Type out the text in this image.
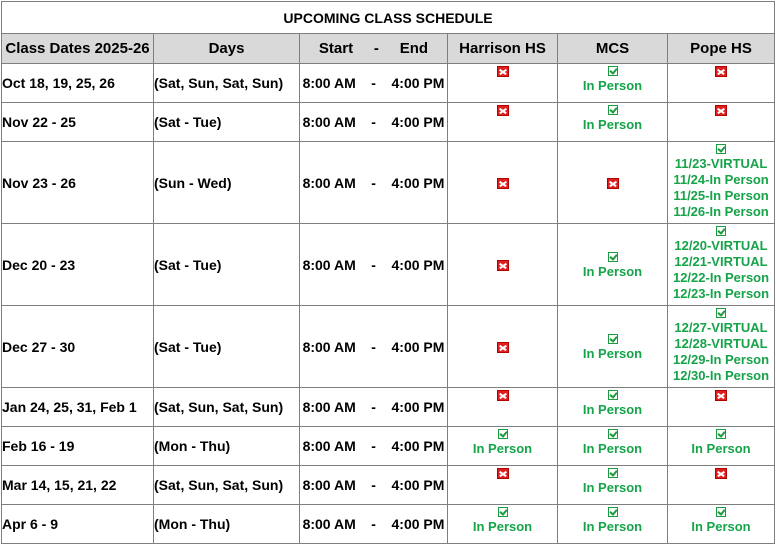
UPCOMING CLASS SCHEDULE					
Class Dates 2025-26	Days	Start     -     End	Harrison HS	MCS	Pope HS
Oct 18, 19, 25, 26	(Sat, Sun, Sat, Sun)	8:00 AM    -    4:00 PM		In Person	

Nov 22 - 25	(Sat - Tue)	8:00 AM    -    4:00 PM		In Person	

Nov 23 - 26	(Sun - Wed)	8:00 AM    -    4:00 PM			11/23-VIRTUAL
11/24-In Person
11/25-In Person
11/26-In Person

Dec 20 - 23	(Sat - Tue)	8:00 AM    -    4:00 PM		In Person	12/20-VIRTUAL
12/21-VIRTUAL
12/22-In Person
12/23-In Person

Dec 27 - 30	(Sat - Tue)	8:00 AM    -    4:00 PM		In Person	12/27-VIRTUAL
12/28-VIRTUAL
12/29-In Person
12/30-In Person

Jan 24, 25, 31, Feb 1	(Sat, Sun, Sat, Sun)	8:00 AM    -    4:00 PM		In Person	

Feb 16 - 19	(Mon - Thu)	8:00 AM    -    4:00 PM	In Person	In Person	In Person

Mar 14, 15, 21, 22	(Sat, Sun, Sat, Sun)	8:00 AM    -    4:00 PM		In Person	

Apr 6 - 9	(Mon - Thu)	8:00 AM    -    4:00 PM	In Person	In Person	In Person
